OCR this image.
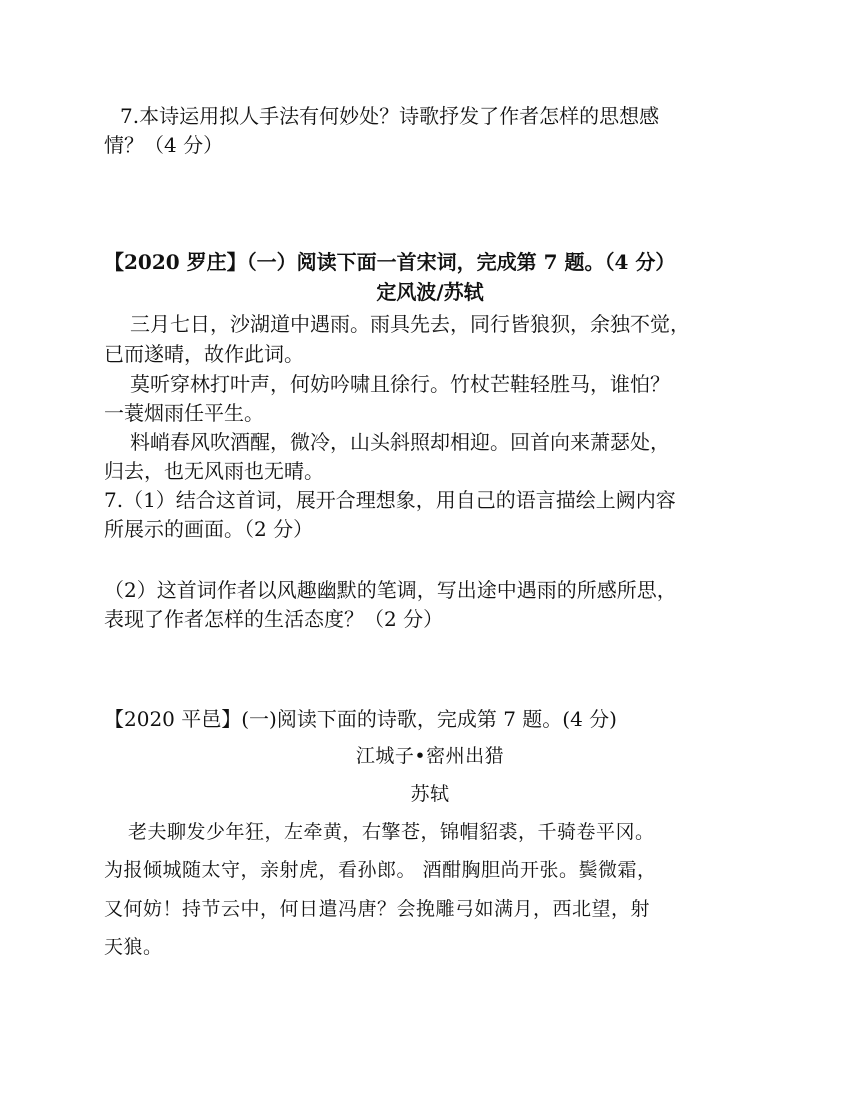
7.本诗运用拟人手法有何妙处？诗歌抒发了作者怎样的思想感
情？（4 分）
【2020 罗庄】（一）阅读下面一首宋词，完成第 7 题。（4 分）
定风波/苏轼
三月七日，沙湖道中遇雨。雨具先去，同行皆狼狈，余独不觉，
已而遂晴，故作此词。
莫听穿林打叶声，何妨吟啸且徐行。竹杖芒鞋轻胜马，谁怕？
一蓑烟雨任平生。
料峭春风吹酒醒，微冷，山头斜照却相迎。回首向来萧瑟处，
归去，也无风雨也无晴。
7.（1）结合这首词，展开合理想象，用自己的语言描绘上阙内容
所展示的画面。（2 分）
（2）这首词作者以风趣幽默的笔调，写出途中遇雨的所感所思，
表现了作者怎样的生活态度？（2 分）
【2020 平邑】(一)阅读下面的诗歌，完成第 7 题。(4 分)
江城子•密州出猎
苏轼
老夫聊发少年狂，左牵黄，右擎苍，锦帽貂裘，千骑卷平冈。
为报倾城随太守，亲射虎，看孙郎。 酒酣胸胆尚开张。鬓微霜，
又何妨！持节云中，何日遣冯唐？会挽雕弓如满月，西北望，射
天狼。
